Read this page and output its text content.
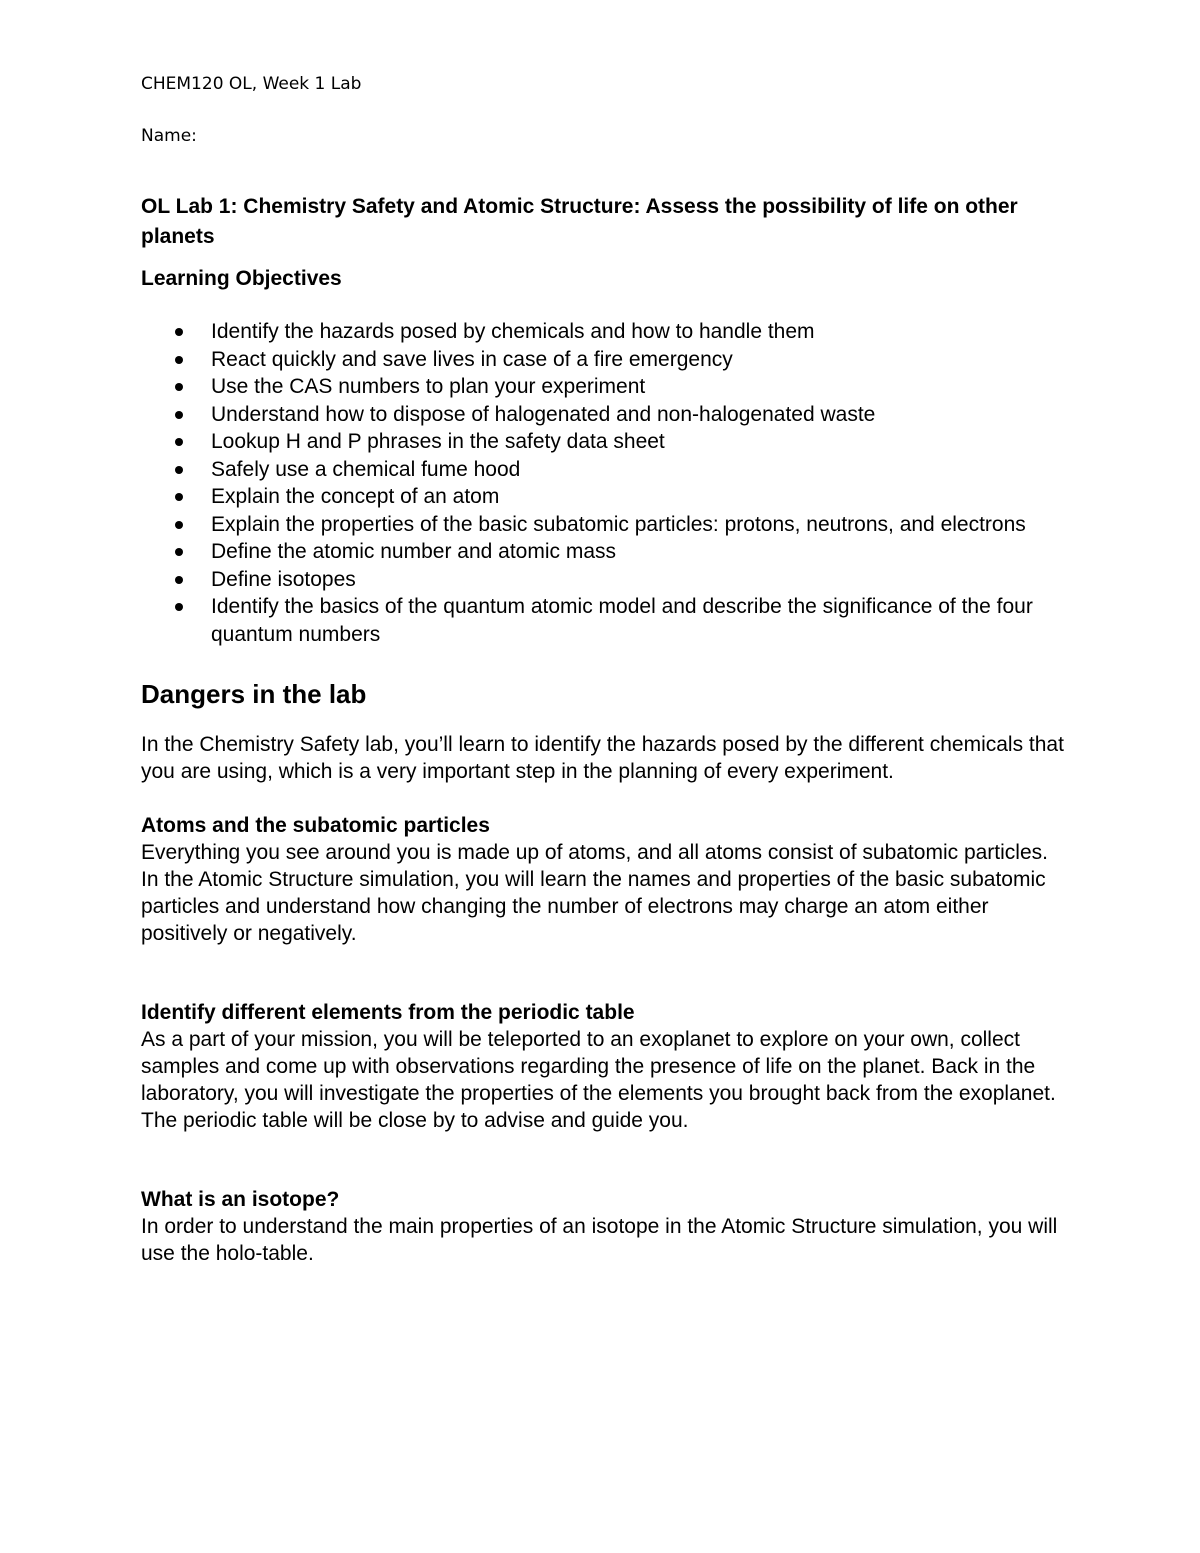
CHEM120 OL, Week 1 Lab

Name:

OL Lab 1: Chemistry Safety and Atomic Structure: Assess the possibility of life on other planets

Learning Objectives

Identify the hazards posed by chemicals and how to handle them
React quickly and save lives in case of a fire emergency
Use the CAS numbers to plan your experiment
Understand how to dispose of halogenated and non-halogenated waste
Lookup H and P phrases in the safety data sheet
Safely use a chemical fume hood
Explain the concept of an atom
Explain the properties of the basic subatomic particles: protons, neutrons, and electrons
Define the atomic number and atomic mass
Define isotopes
Identify the basics of the quantum atomic model and describe the significance of the four quantum numbers
Dangers in the lab

In the Chemistry Safety lab, you’ll learn to identify the hazards posed by the different chemicals that you are using, which is a very important step in the planning of every experiment.

Atoms and the subatomic particles

Everything you see around you is made up of atoms, and all atoms consist of subatomic particles. In the Atomic Structure simulation, you will learn the names and properties of the basic subatomic particles and understand how changing the number of electrons may charge an atom either positively or negatively.

Identify different elements from the periodic table

As a part of your mission, you will be teleported to an exoplanet to explore on your own, collect samples and come up with observations regarding the presence of life on the planet. Back in the laboratory, you will investigate the properties of the elements you brought back from the exoplanet. The periodic table will be close by to advise and guide you.

What is an isotope?

In order to understand the main properties of an isotope in the Atomic Structure simulation, you will use the holo-table.
